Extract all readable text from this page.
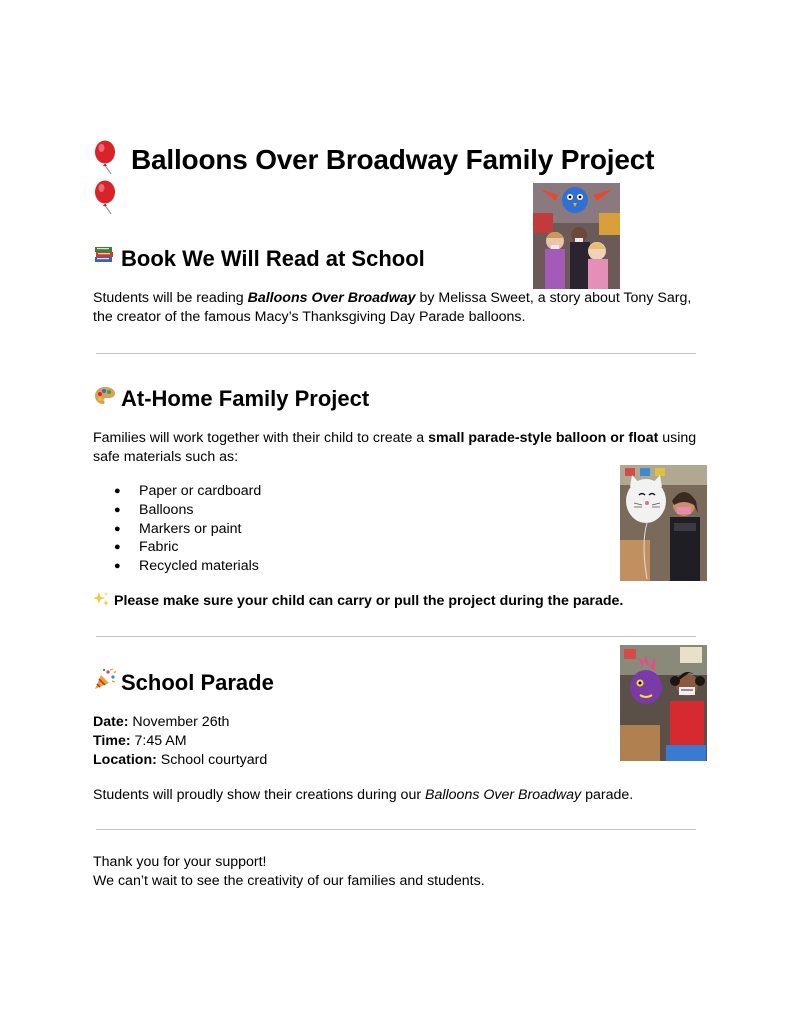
Balloons Over Broadway Family Project
Book We Will Read at School
Students will be reading Balloons Over Broadway by Melissa Sweet, a story about Tony Sarg,
the creator of the famous Macy’s Thanksgiving Day Parade balloons.
At-Home Family Project
Families will work together with their child to create a small parade-style balloon or float using
safe materials such as:
● Paper or cardboard
● Balloons
● Markers or paint
● Fabric
● Recycled materials
Please make sure your child can carry or pull the project during the parade.
School Parade
Date: November 26th
Time: 7:45 AM
Location: School courtyard
Students will proudly show their creations during our Balloons Over Broadway parade.
Thank you for your support!
We can’t wait to see the creativity of our families and students.
